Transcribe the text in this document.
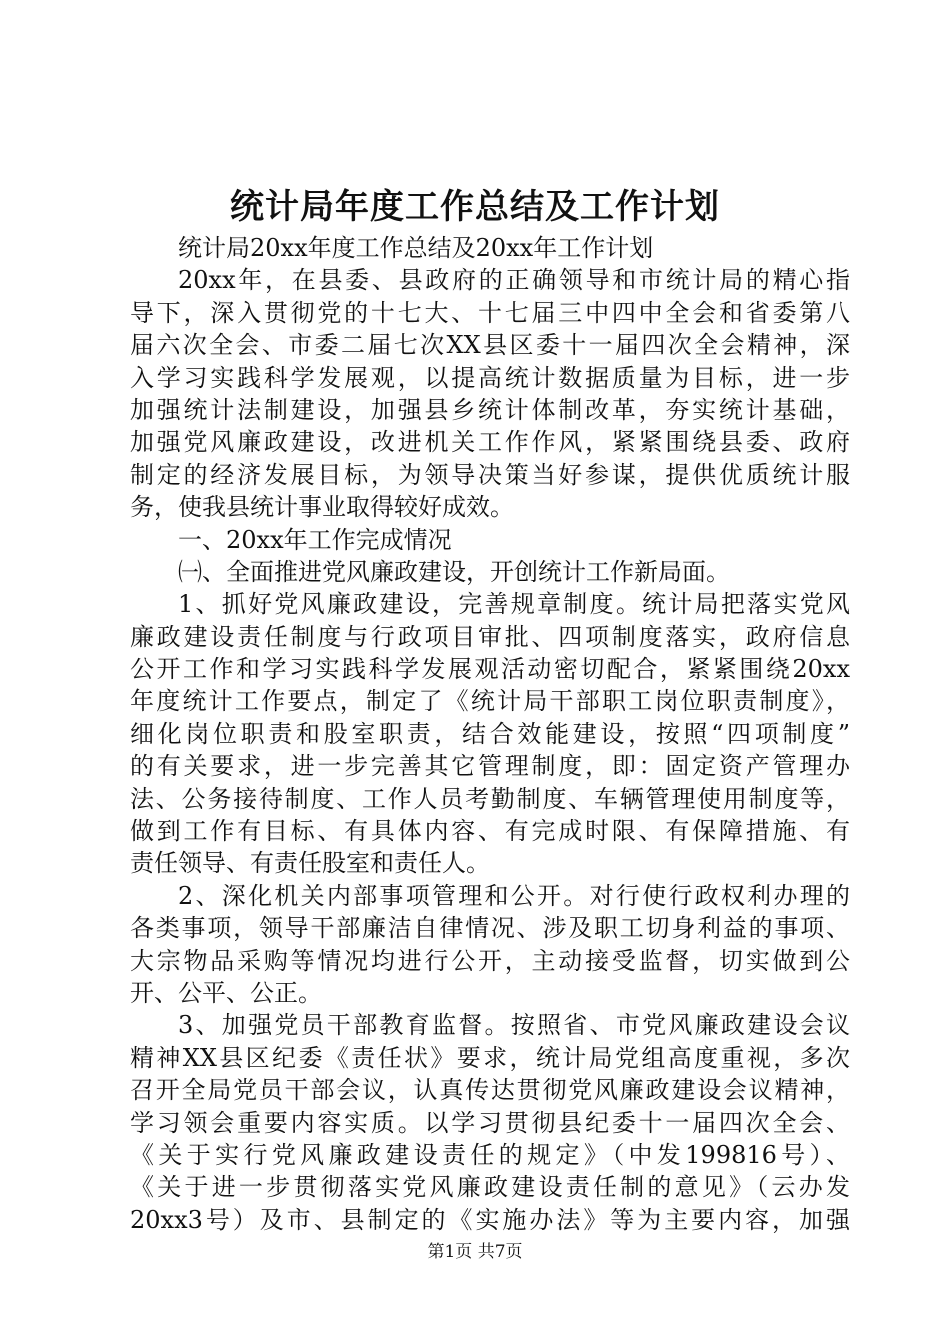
统计局年度工作总结及工作计划
统计局20xx年度工作总结及20xx年工作计划
20xx年，在县委、县政府的正确领导和市统计局的精心指
导下，深入贯彻党的十七大、十七届三中四中全会和省委第八
届六次全会、市委二届七次XX县区委十一届四次全会精神，深
入学习实践科学发展观，以提高统计数据质量为目标，进一步
加强统计法制建设，加强县乡统计体制改革，夯实统计基础，
加强党风廉政建设，改进机关工作作风，紧紧围绕县委、政府
制定的经济发展目标，为领导决策当好参谋，提供优质统计服
务，使我县统计事业取得较好成效。
一、20xx年工作完成情况
㈠、全面推进党风廉政建设，开创统计工作新局面。
1、抓好党风廉政建设，完善规章制度。统计局把落实党风
廉政建设责任制度与行政项目审批、四项制度落实，政府信息
公开工作和学习实践科学发展观活动密切配合，紧紧围绕20xx
年度统计工作要点，制定了《统计局干部职工岗位职责制度》，
细化岗位职责和股室职责，结合效能建设，按照“四项制度”
的有关要求，进一步完善其它管理制度，即：固定资产管理办
法、公务接待制度、工作人员考勤制度、车辆管理使用制度等，
做到工作有目标、有具体内容、有完成时限、有保障措施、有
责任领导、有责任股室和责任人。
2、深化机关内部事项管理和公开。对行使行政权利办理的
各类事项，领导干部廉洁自律情况、涉及职工切身利益的事项、
大宗物品采购等情况均进行公开，主动接受监督，切实做到公
开、公平、公正。
3、加强党员干部教育监督。按照省、市党风廉政建设会议
精神XX县区纪委《责任状》要求，统计局党组高度重视，多次
召开全局党员干部会议，认真传达贯彻党风廉政建设会议精神，
学习领会重要内容实质。以学习贯彻县纪委十一届四次全会、
《关于实行党风廉政建设责任的规定》（中发199816号）、
《关于进一步贯彻落实党风廉政建设责任制的意见》（云办发
20xx3号）及市、县制定的《实施办法》等为主要内容，加强
第1页 共7页
